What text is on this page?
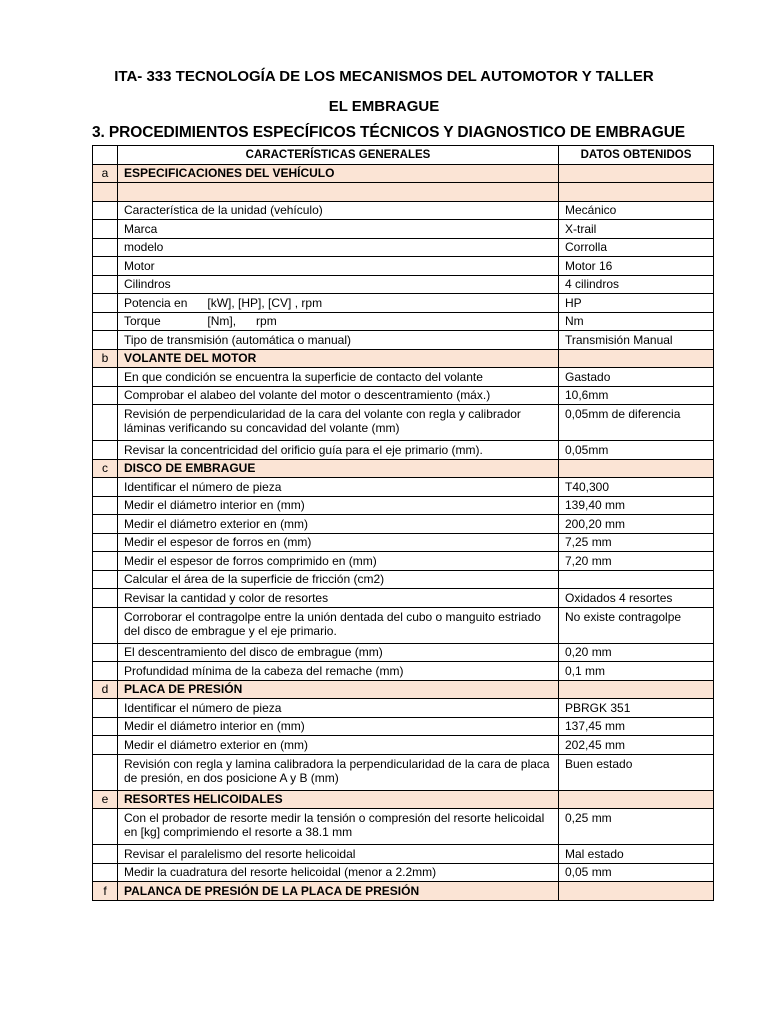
ITA- 333 TECNOLOGÍA DE LOS MECANISMOS DEL AUTOMOTOR Y TALLER
EL EMBRAGUE
3. PROCEDIMIENTOS ESPECÍFICOS TÉCNICOS Y DIAGNOSTICO DE EMBRAGUE
	CARACTERÍSTICAS GENERALES	DATOS OBTENIDOS
a	ESPECIFICACIONES DEL VEHÍCULO	

	Característica de la unidad (vehículo)	Mecánico
	Marca	X-trail
	modelo	Corrolla
	Motor	Motor 16
	Cilindros	4 cilindros
	Potencia en      [kW], [HP], [CV] , rpm	HP
	Torque              [Nm],      rpm	Nm
	Tipo de transmisión (automática o manual)	Transmisión Manual
b	VOLANTE DEL MOTOR	
	En que condición se encuentra la superficie de contacto del volante	Gastado
	Comprobar el alabeo del volante del motor o descentramiento (máx.)	10,6mm
	Revisión de perpendicularidad de la cara del volante con regla y calibrador láminas verificando su concavidad del volante (mm)	0,05mm de diferencia
	Revisar la concentricidad del orificio guía para el eje primario (mm).	0,05mm
c	DISCO DE EMBRAGUE	
	Identificar el número de pieza	T40,300
	Medir el diámetro interior en (mm)	139,40 mm
	Medir el diámetro exterior en (mm)	200,20 mm
	Medir el espesor de forros en (mm)	7,25 mm
	Medir el espesor de forros comprimido en (mm)	7,20 mm
	Calcular el área de la superficie de fricción (cm2)	
	Revisar la cantidad y color de resortes	Oxidados 4 resortes
	Corroborar el contragolpe entre la unión dentada del cubo o manguito estriado del disco de embrague y el eje primario.	No existe contragolpe
	El descentramiento del disco de embrague (mm)	0,20 mm
	Profundidad mínima de la cabeza del remache (mm)	0,1 mm
d	PLACA DE PRESIÓN	
	Identificar el número de pieza	PBRGK 351
	Medir el diámetro interior en (mm)	137,45 mm
	Medir el diámetro exterior en (mm)	202,45 mm
	Revisión con regla y lamina calibradora la perpendicularidad de la cara de placa de presión, en dos posicione A y B (mm)	Buen estado
e	RESORTES HELICOIDALES	
	Con el probador de resorte medir la tensión o compresión del resorte helicoidal en [kg] comprimiendo el resorte a 38.1 mm	0,25 mm
	Revisar el paralelismo del resorte helicoidal	Mal estado
	Medir la cuadratura del resorte helicoidal (menor a 2.2mm)	0,05 mm
f	PALANCA DE PRESIÓN DE LA PLACA DE PRESIÓN	
